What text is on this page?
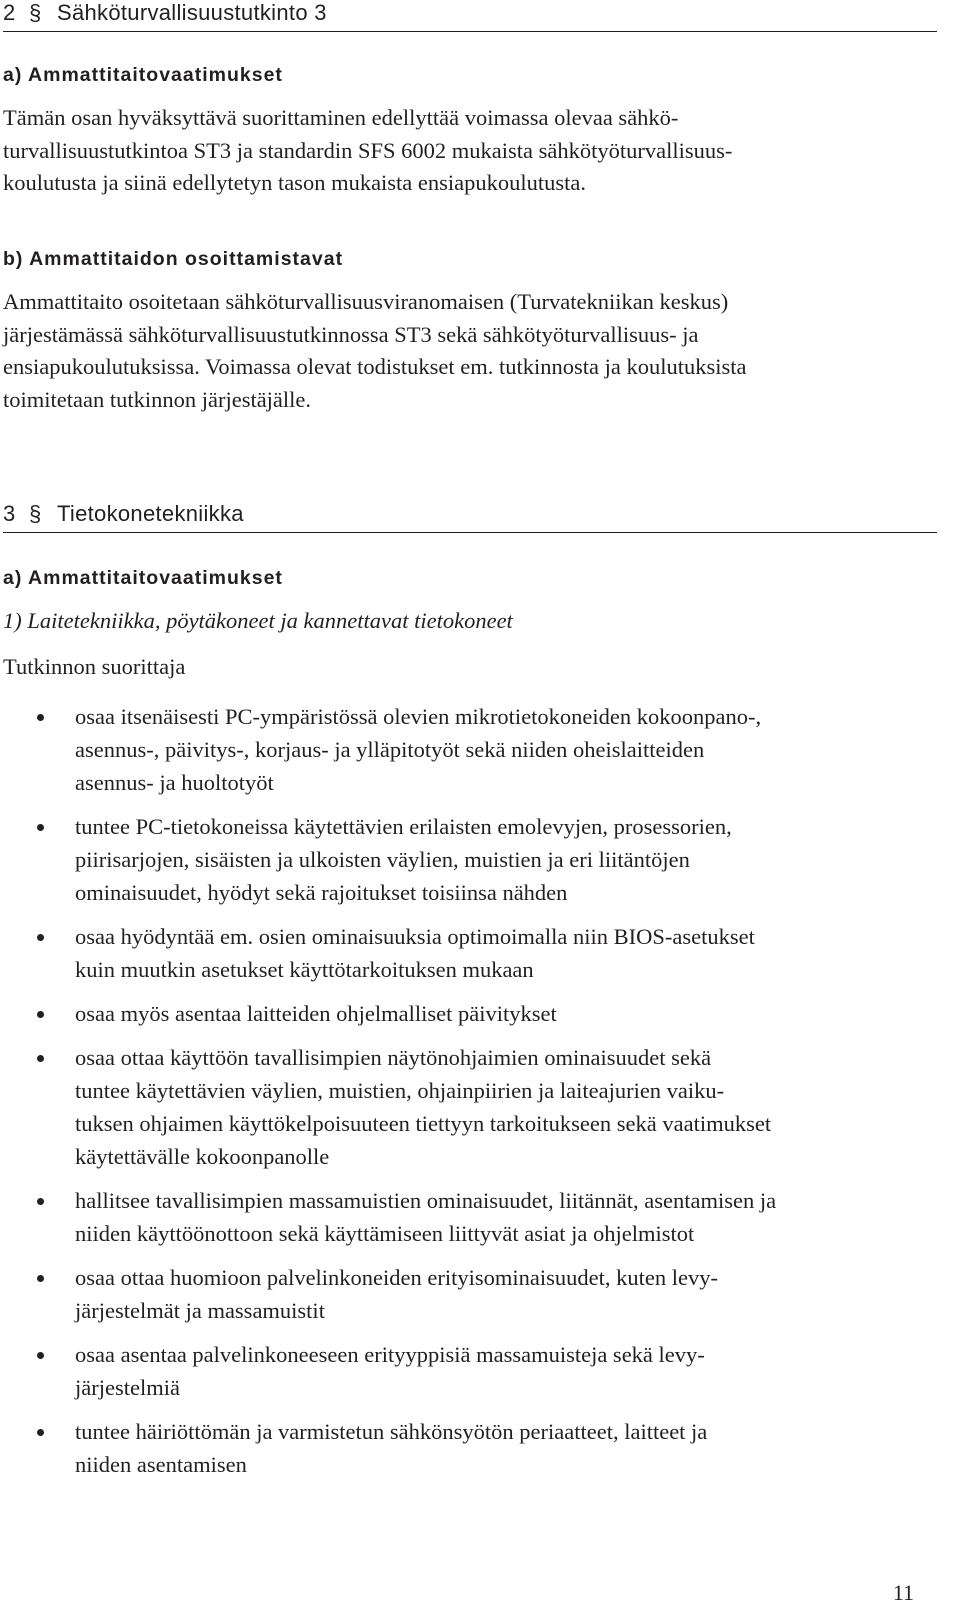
2 § Sähköturvallisuustutkinto 3
a) Ammattitaitovaatimukset
Tämän osan hyväksyttävä suorittaminen edellyttää voimassa olevaa sähkö-
turvallisuustutkintoa ST3 ja standardin SFS 6002 mukaista sähkötyöturvallisuus-
koulutusta ja siinä edellytetyn tason mukaista ensiapukoulutusta.
b) Ammattitaidon osoittamistavat
Ammattitaito osoitetaan sähköturvallisuusviranomaisen (Turvatekniikan keskus)
järjestämässä sähköturvallisuustutkinnossa ST3 sekä sähkötyöturvallisuus- ja
ensiapukoulutuksissa. Voimassa olevat todistukset em. tutkinnosta ja koulutuksista
toimitetaan tutkinnon järjestäjälle.
3 § Tietokonetekniikka
a) Ammattitaitovaatimukset
1) Laitetekniikka, pöytäkoneet ja kannettavat tietokoneet
Tutkinnon suorittaja
osaa itsenäisesti PC-ympäristössä olevien mikrotietokoneiden kokoonpano-,
asennus-, päivitys-, korjaus- ja ylläpitotyöt sekä niiden oheislaitteiden
asennus- ja huoltotyöt
tuntee PC-tietokoneissa käytettävien erilaisten emolevyjen, prosessorien,
piirisarjojen, sisäisten ja ulkoisten väylien, muistien ja eri liitäntöjen
ominaisuudet, hyödyt sekä rajoitukset toisiinsa nähden
osaa hyödyntää em. osien ominaisuuksia optimoimalla niin BIOS-asetukset
kuin muutkin asetukset käyttötarkoituksen mukaan
osaa myös asentaa laitteiden ohjelmalliset päivitykset
osaa ottaa käyttöön tavallisimpien näytönohjaimien ominaisuudet sekä
tuntee käytettävien väylien, muistien, ohjainpiirien ja laiteajurien vaiku-
tuksen ohjaimen käyttökelpoisuuteen tiettyyn tarkoitukseen sekä vaatimukset
käytettävälle kokoonpanolle
hallitsee tavallisimpien massamuistien ominaisuudet, liitännät, asentamisen ja
niiden käyttöönottoon sekä käyttämiseen liittyvät asiat ja ohjelmistot
osaa ottaa huomioon palvelinkoneiden erityisominaisuudet, kuten levy-
järjestelmät ja massamuistit
osaa asentaa palvelinkoneeseen erityyppisiä massamuisteja sekä levy-
järjestelmiä
tuntee häiriöttömän ja varmistetun sähkönsyötön periaatteet, laitteet ja
niiden asentamisen
11
